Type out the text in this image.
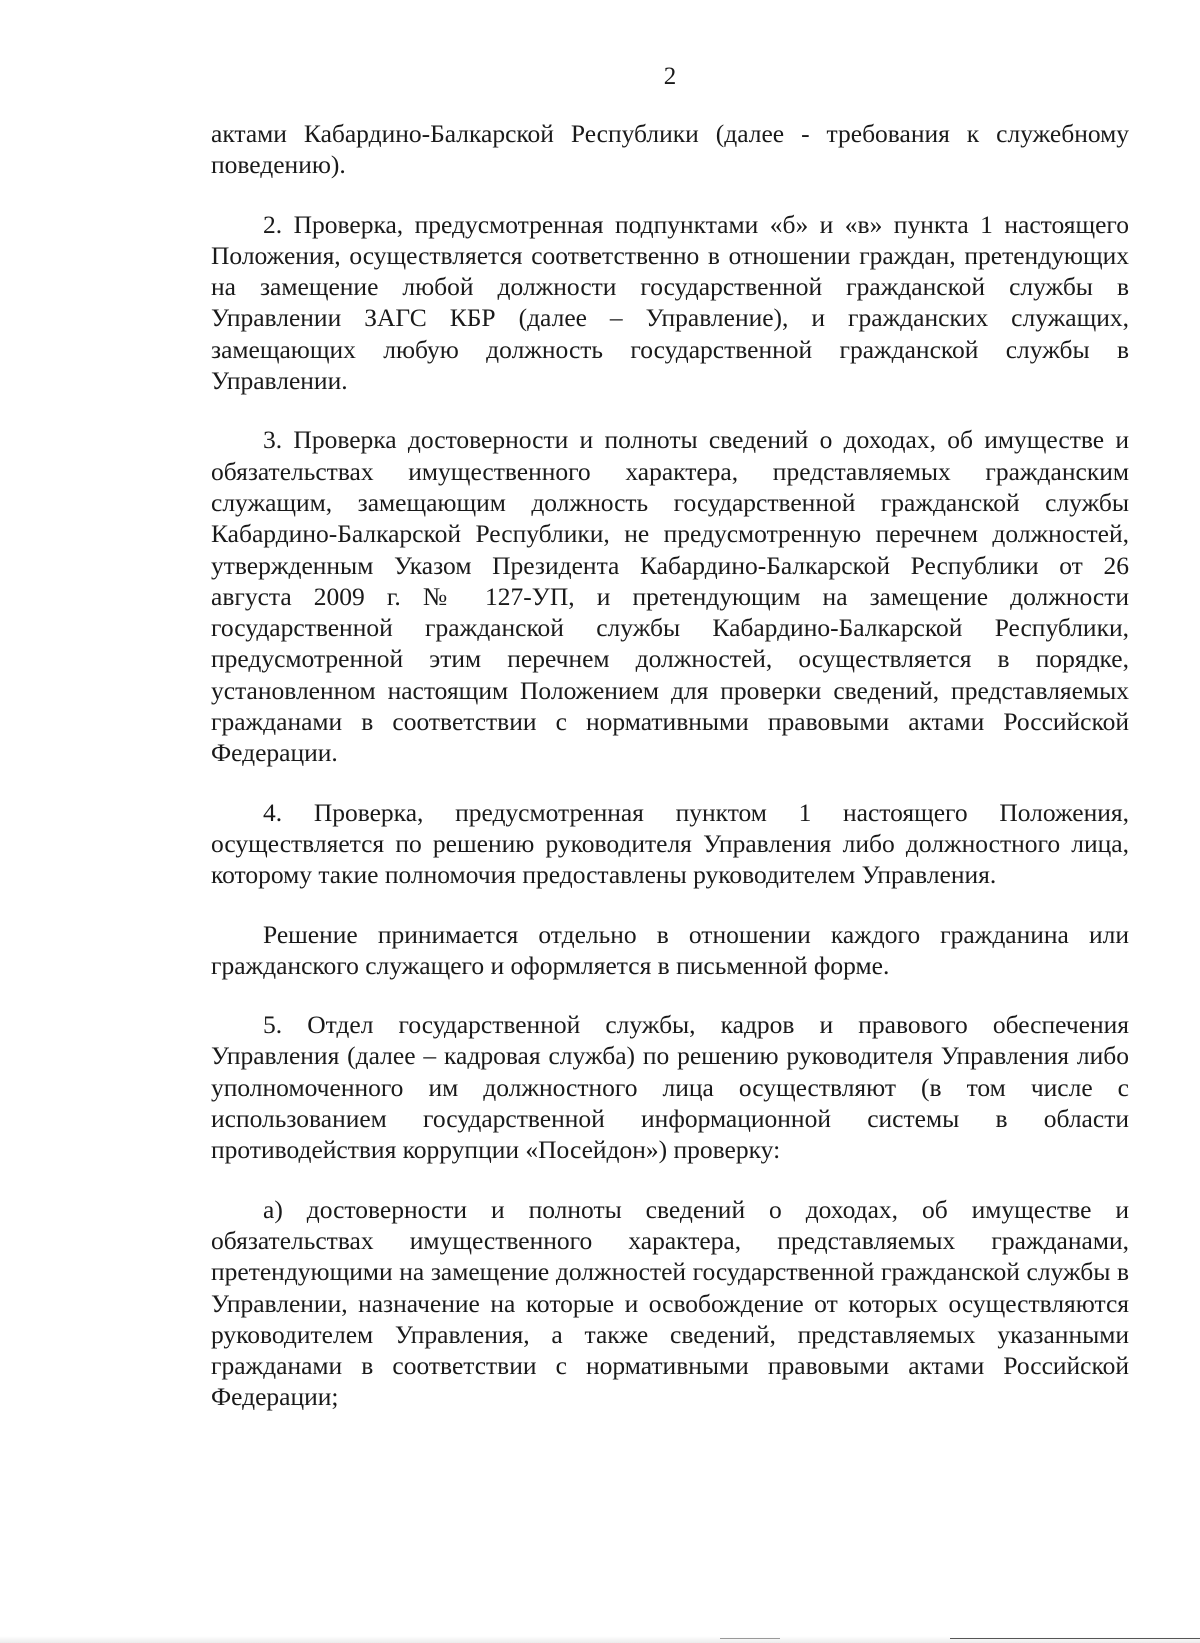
2

актами Кабардино-Балкарской Республики (далее - требования к служебному поведению).

2. Проверка, предусмотренная подпунктами «б» и «в» пункта 1 настоящего Положения, осуществляется соответственно в отношении граждан, претендующих на замещение любой должности государственной гражданской службы в Управлении ЗАГС КБР (далее – Управление), и гражданских служащих, замещающих любую должность государственной гражданской службы в Управлении.

3. Проверка достоверности и полноты сведений о доходах, об имуществе и обязательствах имущественного характера, представляемых гражданским служащим, замещающим должность государственной гражданской службы Кабардино-Балкарской Республики, не предусмотренную перечнем должностей, утвержденным Указом Президента Кабардино-Балкарской Республики от 26 августа 2009 г. № 127-УП, и претендующим на замещение должности государственной гражданской службы Кабардино-Балкарской Республики, предусмотренной этим перечнем должностей, осуществляется в порядке, установленном настоящим Положением для проверки сведений, представляемых гражданами в соответствии с нормативными правовыми актами Российской Федерации.

4. Проверка, предусмотренная пунктом 1 настоящего Положения, осуществляется по решению руководителя Управления либо должностного лица, которому такие полномочия предоставлены руководителем Управления.

Решение принимается отдельно в отношении каждого гражданина или гражданского служащего и оформляется в письменной форме.

5. Отдел государственной службы, кадров и правового обеспечения Управления (далее – кадровая служба) по решению руководителя Управления либо уполномоченного им должностного лица осуществляют (в том числе с использованием государственной информационной системы в области противодействия коррупции «Посейдон») проверку:

а) достоверности и полноты сведений о доходах, об имуществе и обязательствах имущественного характера, представляемых гражданами, претендующими на замещение должностей государственной гражданской службы в Управлении, назначение на которые и освобождение от которых осуществляются руководителем Управления, а также сведений, представляемых указанными гражданами в соответствии с нормативными правовыми актами Российской Федерации;
